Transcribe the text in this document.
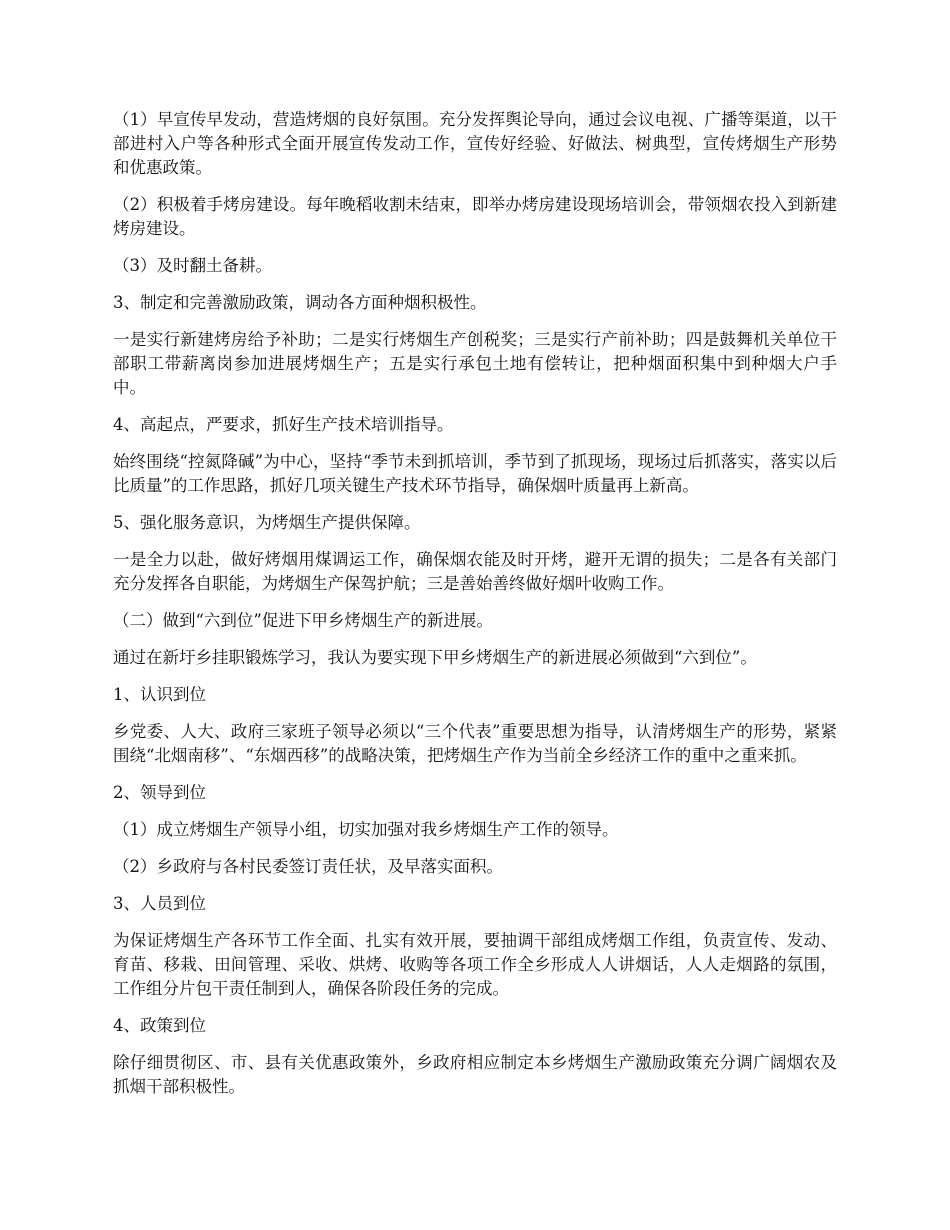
（1）早宣传早发动，营造烤烟的良好氛围。充分发挥舆论导向，通过会议电视、广播等渠道，以干部进村入户等各种形式全面开展宣传发动工作，宣传好经验、好做法、树典型，宣传烤烟生产形势和优惠政策。

（2）积极着手烤房建设。每年晚稻收割未结束，即举办烤房建设现场培训会，带领烟农投入到新建烤房建设。

（3）及时翻土备耕。

3、制定和完善激励政策，调动各方面种烟积极性。

一是实行新建烤房给予补助；二是实行烤烟生产创税奖；三是实行产前补助；四是鼓舞机关单位干部职工带薪离岗参加进展烤烟生产；五是实行承包土地有偿转让，把种烟面积集中到种烟大户手中。

4、高起点，严要求，抓好生产技术培训指导。

始终围绕“控氮降碱”为中心，坚持“季节未到抓培训，季节到了抓现场，现场过后抓落实，落实以后比质量”的工作思路，抓好几项关键生产技术环节指导，确保烟叶质量再上新高。

5、强化服务意识，为烤烟生产提供保障。

一是全力以赴，做好烤烟用煤调运工作，确保烟农能及时开烤，避开无谓的损失；二是各有关部门充分发挥各自职能，为烤烟生产保驾护航；三是善始善终做好烟叶收购工作。

（二）做到“六到位”促进下甲乡烤烟生产的新进展。

通过在新圩乡挂职锻炼学习，我认为要实现下甲乡烤烟生产的新进展必须做到“六到位”。

1、认识到位

乡党委、人大、政府三家班子领导必须以“三个代表”重要思想为指导，认清烤烟生产的形势，紧紧围绕“北烟南移”、“东烟西移”的战略决策，把烤烟生产作为当前全乡经济工作的重中之重来抓。

2、领导到位

（1）成立烤烟生产领导小组，切实加强对我乡烤烟生产工作的领导。

（2）乡政府与各村民委签订责任状，及早落实面积。

3、人员到位

为保证烤烟生产各环节工作全面、扎实有效开展，要抽调干部组成烤烟工作组，负责宣传、发动、育苗、移栽、田间管理、采收、烘烤、收购等各项工作全乡形成人人讲烟话，人人走烟路的氛围，工作组分片包干责任制到人，确保各阶段任务的完成。

4、政策到位

除仔细贯彻区、市、县有关优惠政策外，乡政府相应制定本乡烤烟生产激励政策充分调广阔烟农及抓烟干部积极性。
